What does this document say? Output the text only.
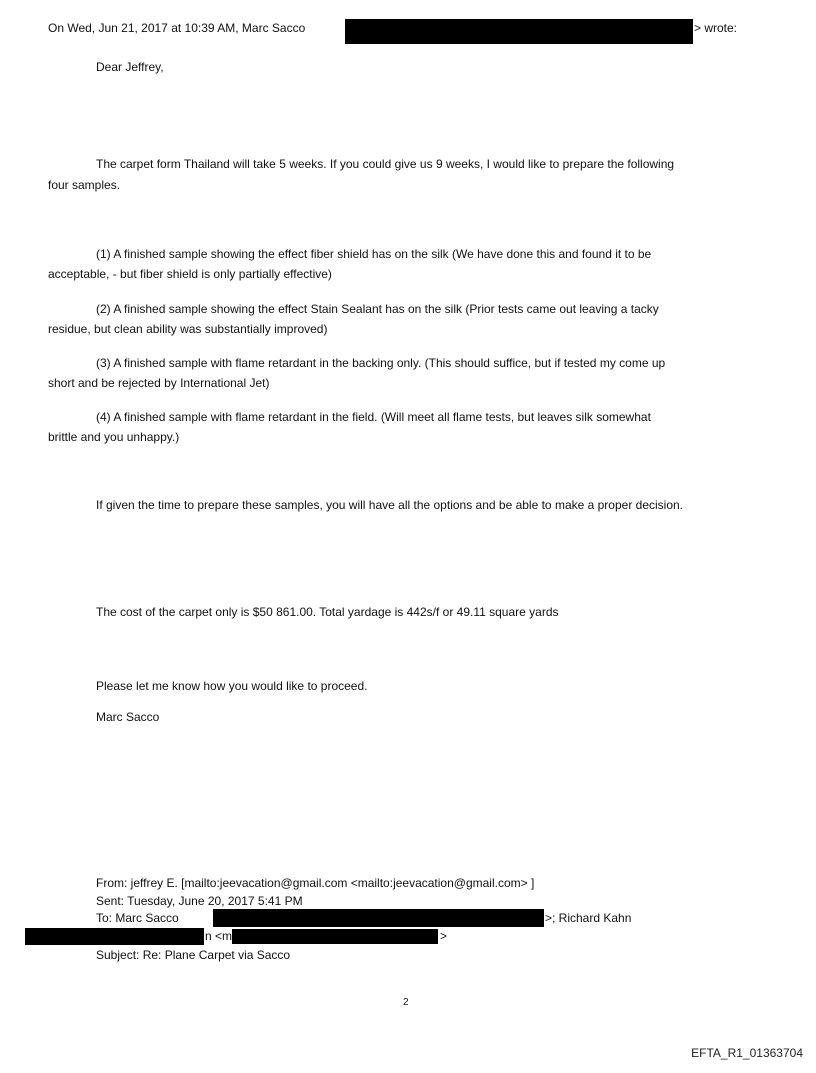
On Wed, Jun 21, 2017 at 10:39 AM, Marc Sacco	> wrote:
Dear Jeffrey,
The carpet form Thailand will take 5 weeks. If you could give us 9 weeks, I would like to prepare the following
four samples.
(1) A finished sample showing the effect fiber shield has on the silk (We have done this and found it to be
acceptable, - but fiber shield is only partially effective)
(2) A finished sample showing the effect Stain Sealant has on the silk (Prior tests came out leaving a tacky
residue, but clean ability was substantially improved)
(3) A finished sample with flame retardant in the backing only. (This should suffice, but if tested my come up
short and be rejected by International Jet)
(4) A finished sample with flame retardant in the field. (Will meet all flame tests, but leaves silk somewhat
brittle and you unhappy.)
If given the time to prepare these samples, you will have all the options and be able to make a proper decision.
The cost of the carpet only is $50 861.00. Total yardage is 442s/f or 49.11 square yards
Please let me know how you would like to proceed.
Marc Sacco
From: jeffrey E. [mailto:jeevacation@gmail.com <mailto:jeevacation@gmail.com> ]
Sent: Tuesday, June 20, 2017 5:41 PM
To: Marc Sacco	>; Richard Kahn
n <m	>
Subject: Re: Plane Carpet via Sacco
2
EFTA_R1_01363704
